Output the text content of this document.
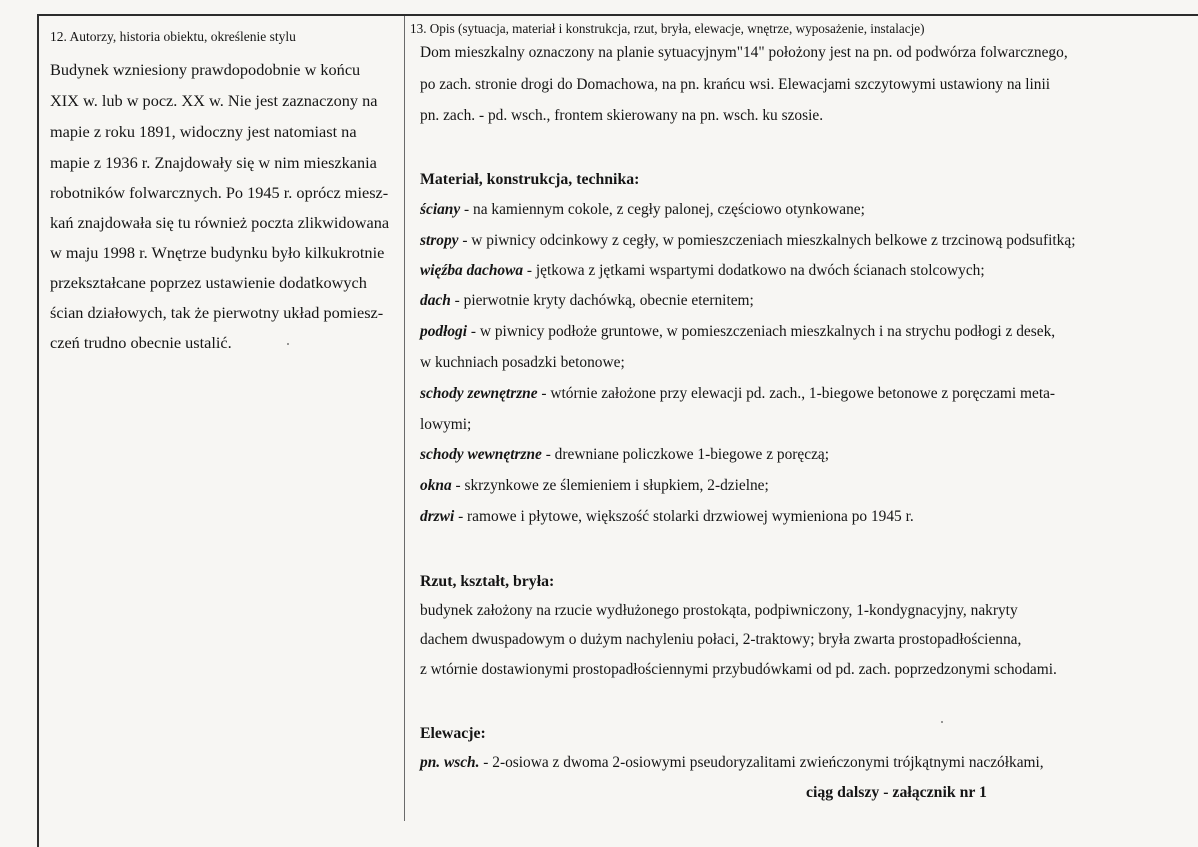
12. Autorzy, historia obiektu, określenie stylu
13. Opis (sytuacja, materiał i konstrukcja, rzut, bryła, elewacje, wnętrze, wyposażenie, instalacje)
Budynek wzniesiony prawdopodobnie w końcu
XIX w. lub w pocz. XX w. Nie jest zaznaczony na
mapie z roku 1891, widoczny jest natomiast na
mapie z 1936 r. Znajdowały się w nim mieszkania
robotników folwarcznych. Po 1945 r. oprócz miesz-
kań znajdowała się tu również poczta zlikwidowana
w maju 1998 r. Wnętrze budynku było kilkukrotnie
przekształcane poprzez ustawienie dodatkowych
ścian działowych, tak że pierwotny układ pomiesz-
czeń trudno obecnie ustalić.
Dom mieszkalny oznaczony na planie sytuacyjnym"14" położony jest na pn. od podwórza folwarcznego,
po zach. stronie drogi do Domachowa, na pn. krańcu wsi. Elewacjami szczytowymi ustawiony na linii
pn. zach. - pd. wsch., frontem skierowany na pn. wsch. ku szosie.
Materiał, konstrukcja, technika:
ściany - na kamiennym cokole, z cegły palonej, częściowo otynkowane;
stropy - w piwnicy odcinkowy z cegły, w pomieszczeniach mieszkalnych belkowe z trzcinową podsufitką;
więźba dachowa - jętkowa z jętkami wspartymi dodatkowo na dwóch ścianach stolcowych;
dach - pierwotnie kryty dachówką, obecnie eternitem;
podłogi - w piwnicy podłoże gruntowe, w pomieszczeniach mieszkalnych i na strychu podłogi z desek,
w kuchniach posadzki betonowe;
schody zewnętrzne - wtórnie założone przy elewacji pd. zach., 1-biegowe betonowe z poręczami meta-
lowymi;
schody wewnętrzne - drewniane policzkowe 1-biegowe z poręczą;
okna - skrzynkowe ze ślemieniem i słupkiem, 2-dzielne;
drzwi - ramowe i płytowe, większość stolarki drzwiowej wymieniona po 1945 r.
Rzut, kształt, bryła:
budynek założony na rzucie wydłużonego prostokąta, podpiwniczony, 1-kondygnacyjny, nakryty
dachem dwuspadowym o dużym nachyleniu połaci, 2-traktowy; bryła zwarta prostopadłościenna,
z wtórnie dostawionymi prostopadłościennymi przybudówkami od pd. zach. poprzedzonymi schodami.
Elewacje:
pn. wsch. - 2-osiowa z dwoma 2-osiowymi pseudoryzalitami zwieńczonymi trójkątnymi naczółkami,
ciąg dalszy - załącznik nr 1
